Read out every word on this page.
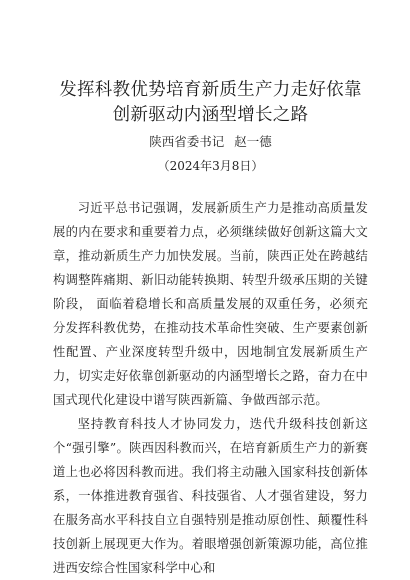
发挥科教优势培育新质生产力走好依靠创新驱动内涵型增长之路
陕西省委书记 赵一德
（2024年3月8日）

习近平总书记强调，发展新质生产力是推动高质量发展的内在要求和重要着力点，必须继续做好创新这篇大文章，推动新质生产力加快发展。当前，陕西正处在跨越结构调整阵痛期、新旧动能转换期、转型升级承压期的关键阶段， 面临着稳增长和高质量发展的双重任务，必须充分发挥科教优势，在推动技术革命性突破、生产要素创新性配置、产业深度转型升级中，因地制宜发展新质生产力，切实走好依靠创新驱动的内涵型增长之路，奋力在中国式现代化建设中谱写陕西新篇、争做西部示范。

坚持教育科技人才协同发力，迭代升级科技创新这个“强引擎”。陕西因科教而兴，在培育新质生产力的新赛道上也必将因科教而进。我们将主动融入国家科技创新体系，一体推进教育强省、科技强省、人才强省建设，努力在服务高水平科技自立自强特别是推动原创性、颠覆性科技创新上展现更大作为。着眼增强创新策源功能，高位推进西安综合性国家科学中心和
